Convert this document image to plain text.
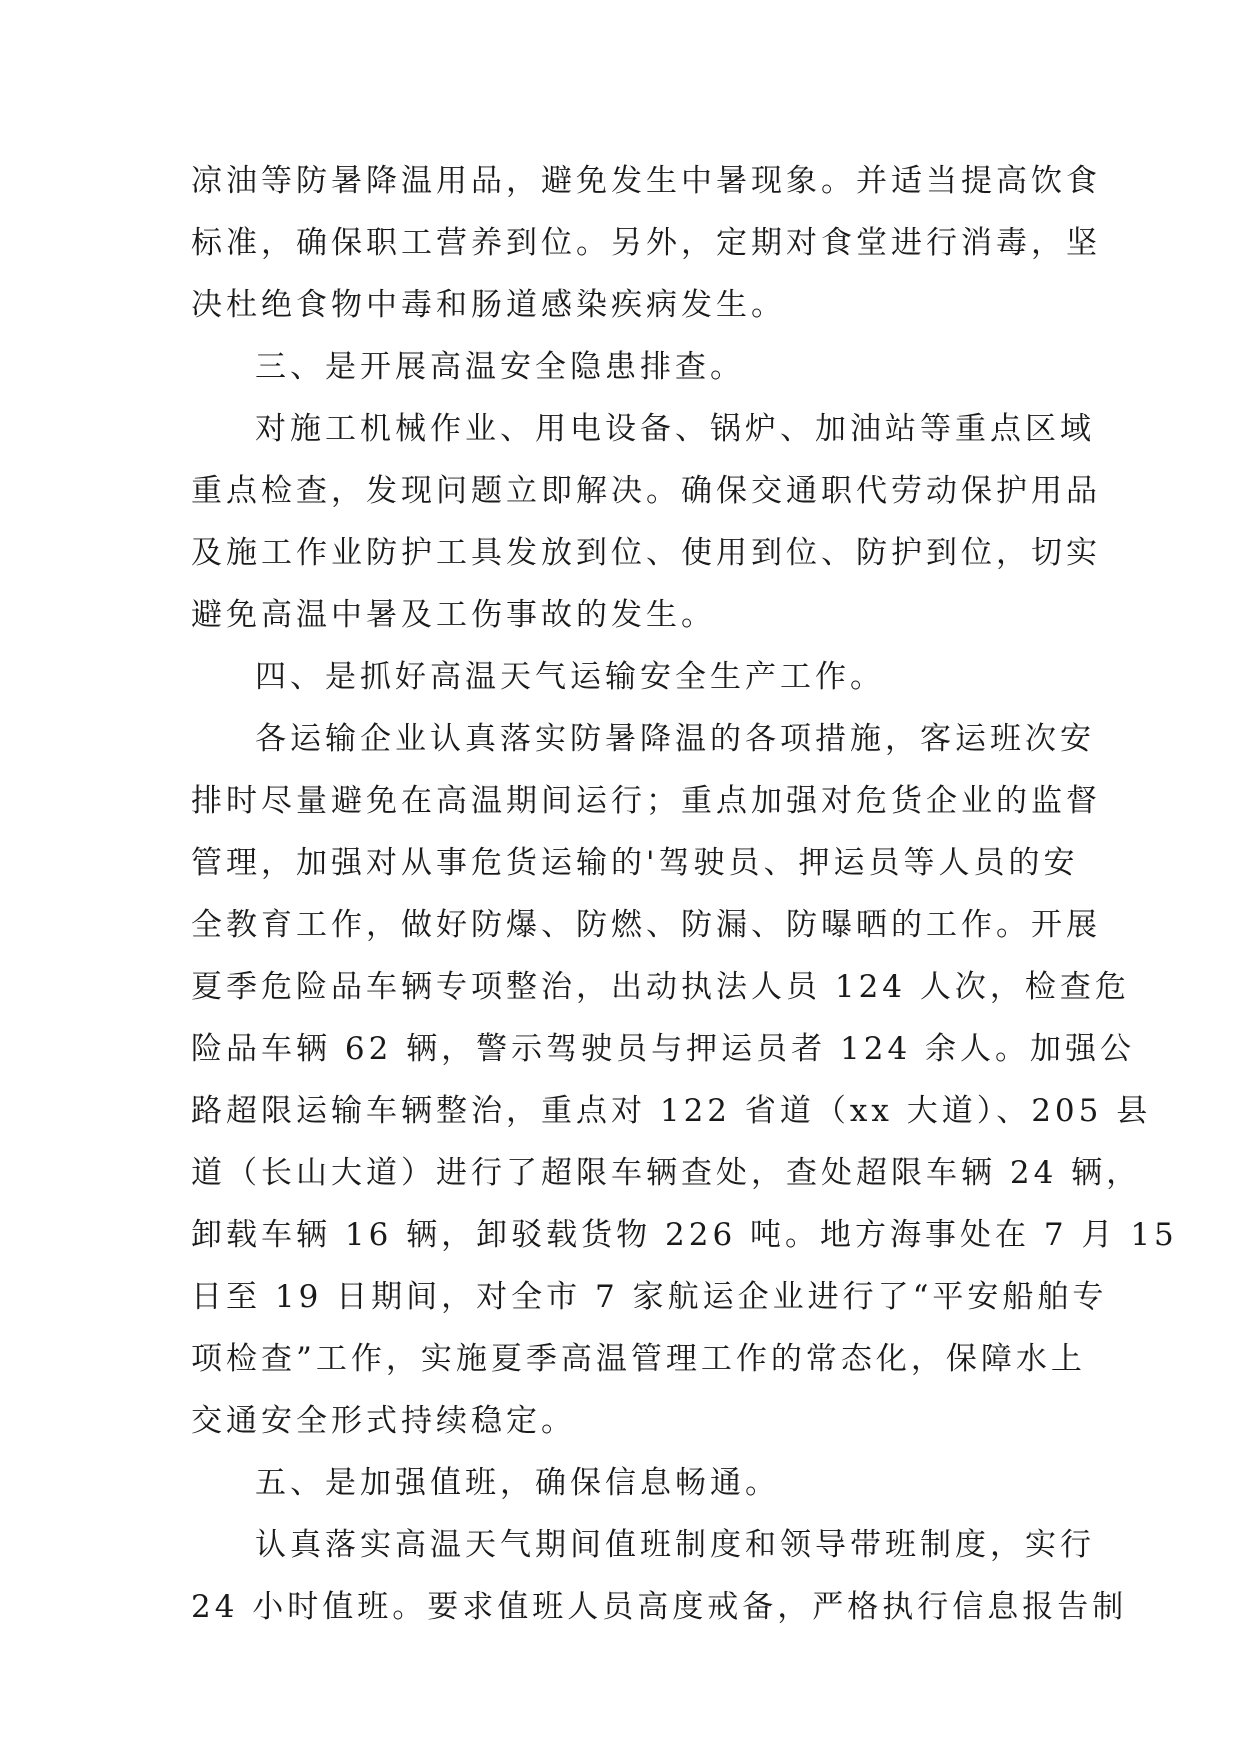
凉油等防暑降温用品，避免发生中暑现象。并适当提高饮食
标准，确保职工营养到位。另外，定期对食堂进行消毒，坚
决杜绝食物中毒和肠道感染疾病发生。
三、是开展高温安全隐患排查。
对施工机械作业、用电设备、锅炉、加油站等重点区域
重点检查，发现问题立即解决。确保交通职代劳动保护用品
及施工作业防护工具发放到位、使用到位、防护到位，切实
避免高温中暑及工伤事故的发生。
四、是抓好高温天气运输安全生产工作。
各运输企业认真落实防暑降温的各项措施，客运班次安
排时尽量避免在高温期间运行；重点加强对危货企业的监督
管理，加强对从事危货运输的'驾驶员、押运员等人员的安
全教育工作，做好防爆、防燃、防漏、防曝晒的工作。开展
夏季危险品车辆专项整治，出动执法人员 124 人次，检查危
险品车辆 62 辆，警示驾驶员与押运员者 124 余人。加强公
路超限运输车辆整治，重点对 122 省道（xx 大道）、205 县
道（长山大道）进行了超限车辆查处，查处超限车辆 24 辆，
卸载车辆 16 辆，卸驳载货物 226 吨。地方海事处在 7 月 15
日至 19 日期间，对全市 7 家航运企业进行了“平安船舶专
项检查”工作，实施夏季高温管理工作的常态化，保障水上
交通安全形式持续稳定。
五、是加强值班，确保信息畅通。
认真落实高温天气期间值班制度和领导带班制度，实行
24 小时值班。要求值班人员高度戒备，严格执行信息报告制
